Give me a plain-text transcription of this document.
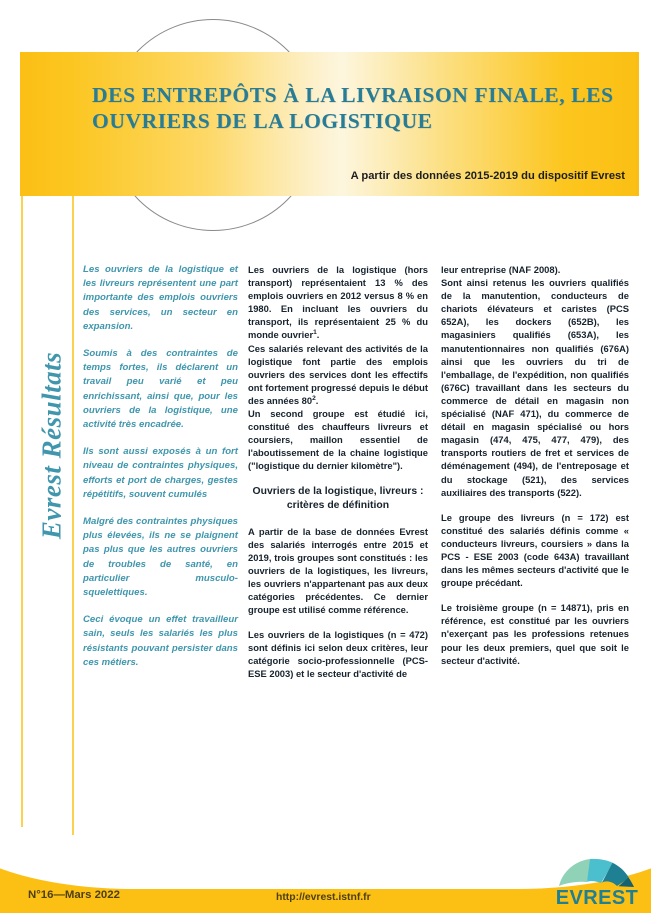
DES ENTREPÔTS À LA LIVRAISON FINALE, LES OUVRIERS DE LA LOGISTIQUE
A partir des données 2015-2019 du dispositif Evrest
Evrest Résultats

Les ouvriers de la logistique et les livreurs représentent une part importante des emplois ouvriers des services, un secteur en expansion.

Soumis à des contraintes de temps fortes, ils déclarent un travail peu varié et peu enrichissant, ainsi que, pour les ouvriers de la logistique, une activité très encadrée.

Ils sont aussi exposés à un fort niveau de contraintes physiques, efforts et port de charges, gestes répétitifs, souvent cumulés

Malgré des contraintes physiques plus élevées, ils ne se plaignent pas plus que les autres ouvriers de troubles de santé, en particulier musculo-squelettiques.

Ceci évoque un effet travailleur sain, seuls les salariés les plus résistants pouvant persister dans ces métiers.

Les ouvriers de la logistique (hors transport) représentaient 13 % des emplois ouvriers en 2012 versus 8 % en 1980. En incluant les ouvriers du transport, ils représentaient 25 % du monde ouvrier$^1$.

Ces salariés relevant des activités de la logistique font partie des emplois ouvriers des services dont les effectifs ont fortement progressé depuis le début des années $80^2$.

Un second groupe est étudié ici, constitué des chauffeurs livreurs et coursiers, maillon essentiel de l'aboutissement de la chaine logistique ("logistique du dernier kilomètre").

Ouvriers de la logistique, livreurs : critères de définition

A partir de la base de données Evrest des salariés interrogés entre 2015 et 2019, trois groupes sont constitués : les ouvriers de la logistiques, les livreurs, les ouvriers n'appartenant pas aux deux catégories précédentes. Ce dernier groupe est utilisé comme référence.

Les ouvriers de la logistiques (n = 472) sont définis ici selon deux critères, leur catégorie socio-professionnelle (PCS-ESE 2003) et le secteur d'activité de

leur entreprise (NAF 2008).

Sont ainsi retenus les ouvriers qualifiés de la manutention, conducteurs de chariots élévateurs et caristes (PCS 652A), les dockers (652B), les magasiniers qualifiés (653A), les manutentionnaires non qualifiés (676A) ainsi que les ouvriers du tri de l'emballage, de l'expédition, non qualifiés (676C) travaillant dans les secteurs du commerce de détail en magasin non spécialisé (NAF 471), du commerce de détail en magasin spécialisé ou hors magasin (474, 475, 477, 479), des transports routiers de fret et services de déménagement (494), de l'entreposage et du stockage (521), des services auxiliaires des transports (522).

Le groupe des livreurs (n = 172) est constitué des salariés définis comme « conducteurs livreurs, coursiers » dans la PCS - ESE 2003 (code 643A) travaillant dans les mêmes secteurs d'activité que le groupe précédant.

Le troisième groupe (n = 14871), pris en référence, est constitué par les ouvriers n'exerçant pas les professions retenues pour les deux premiers, quel que soit le secteur d'activité.

N°16—Mars 2022	http://evrest.istnf.fr	EVREST
